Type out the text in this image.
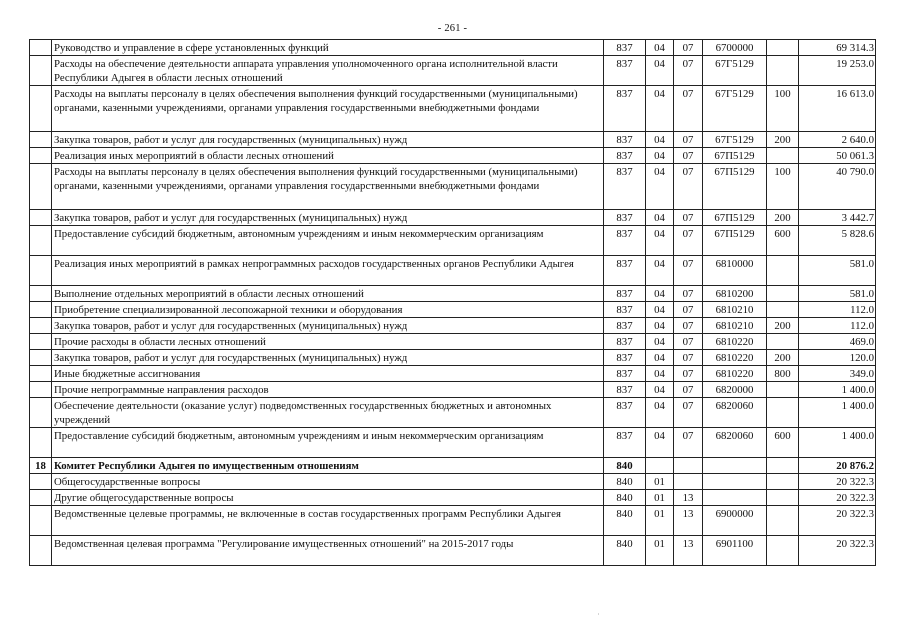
- 261 -
	Руководство и управление в сфере установленных функций	837	04	07	6700000		69 314.3
	Расходы на обеспечение деятельности аппарата управления уполномоченного органа исполнительной власти Республики Адыгея в области лесных отношений	837	04	07	67Г5129		19 253.0
	Расходы на выплаты персоналу в целях обеспечения выполнения функций государственными (муниципальными) органами, казенными учреждениями, органами управления государственными внебюджетными фондами	837	04	07	67Г5129	100	16 613.0
	Закупка товаров, работ и услуг для государственных (муниципальных) нужд	837	04	07	67Г5129	200	2 640.0
	Реализация иных мероприятий в области лесных отношений	837	04	07	67П5129		50 061.3
	Расходы на выплаты персоналу в целях обеспечения выполнения функций государственными (муниципальными) органами, казенными учреждениями, органами управления государственными внебюджетными фондами	837	04	07	67П5129	100	40 790.0
	Закупка товаров, работ и услуг для государственных (муниципальных) нужд	837	04	07	67П5129	200	3 442.7
	Предоставление субсидий бюджетным, автономным учреждениям и иным некоммерческим организациям	837	04	07	67П5129	600	5 828.6
	Реализация иных мероприятий в рамках непрограммных расходов государственных органов Республики Адыгея	837	04	07	6810000		581.0
	Выполнение отдельных мероприятий в области лесных отношений	837	04	07	6810200		581.0
	Приобретение специализированной лесопожарной техники и оборудования	837	04	07	6810210		112.0
	Закупка товаров, работ и услуг для государственных (муниципальных) нужд	837	04	07	6810210	200	112.0
	Прочие расходы в области лесных отношений	837	04	07	6810220		469.0
	Закупка товаров, работ и услуг для государственных (муниципальных) нужд	837	04	07	6810220	200	120.0
	Иные бюджетные ассигнования	837	04	07	6810220	800	349.0
	Прочие непрограммные направления расходов	837	04	07	6820000		1 400.0
	Обеспечение деятельности (оказание услуг) подведомственных государственных бюджетных и автономных учреждений	837	04	07	6820060		1 400.0
	Предоставление субсидий бюджетным, автономным учреждениям и иным некоммерческим организациям	837	04	07	6820060	600	1 400.0
18	Комитет Республики Адыгея по имущественным отношениям	840					20 876.2
	Общегосударственные вопросы	840	01				20 322.3
	Другие общегосударственные вопросы	840	01	13			20 322.3
	Ведомственные целевые программы, не включенные в состав государственных программ Республики Адыгея	840	01	13	6900000		20 322.3
	Ведомственная целевая программа "Регулирование имущественных отношений" на 2015-2017 годы	840	01	13	6901100		20 322.3
ʾ
